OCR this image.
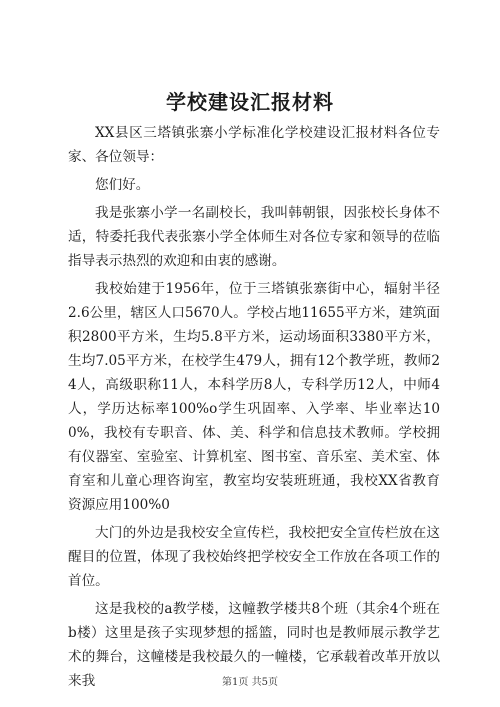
学校建设汇报材料

XX县区三塔镇张寨小学标准化学校建设汇报材料各位专家、各位领导：

您们好。

我是张寨小学一名副校长，我叫韩朝银，因张校长身体不适，特委托我代表张寨小学全体师生对各位专家和领导的莅临指导表示热烈的欢迎和由衷的感谢。

我校始建于1956年，位于三塔镇张寨街中心，辐射半径2.6公里，辖区人口5670人。学校占地11655平方米，建筑面积2800平方米，生均5.8平方米，运动场面积3380平方米，生均7.05平方米，在校学生479人，拥有12个教学班，教师24人，高级职称11人，本科学历8人，专科学历12人，中师4人，学历达标率100%o学生巩固率、入学率、毕业率达100%，我校有专职音、体、美、科学和信息技术教师。学校拥有仪器室、室验室、计算机室、图书室、音乐室、美术室、体育室和儿童心理咨询室，教室均安装班班通，我校XX省教育资源应用100%0

大门的外边是我校安全宣传栏，我校把安全宣传栏放在这醒目的位置，体现了我校始终把学校安全工作放在各项工作的首位。

这是我校的a教学楼，这幢教学楼共8个班（其余4个班在b楼）这里是孩子实现梦想的摇篮，同时也是教师展示教学艺术的舞台，这幢楼是我校最久的一幢楼，它承载着改革开放以来我	第1页 共5页
